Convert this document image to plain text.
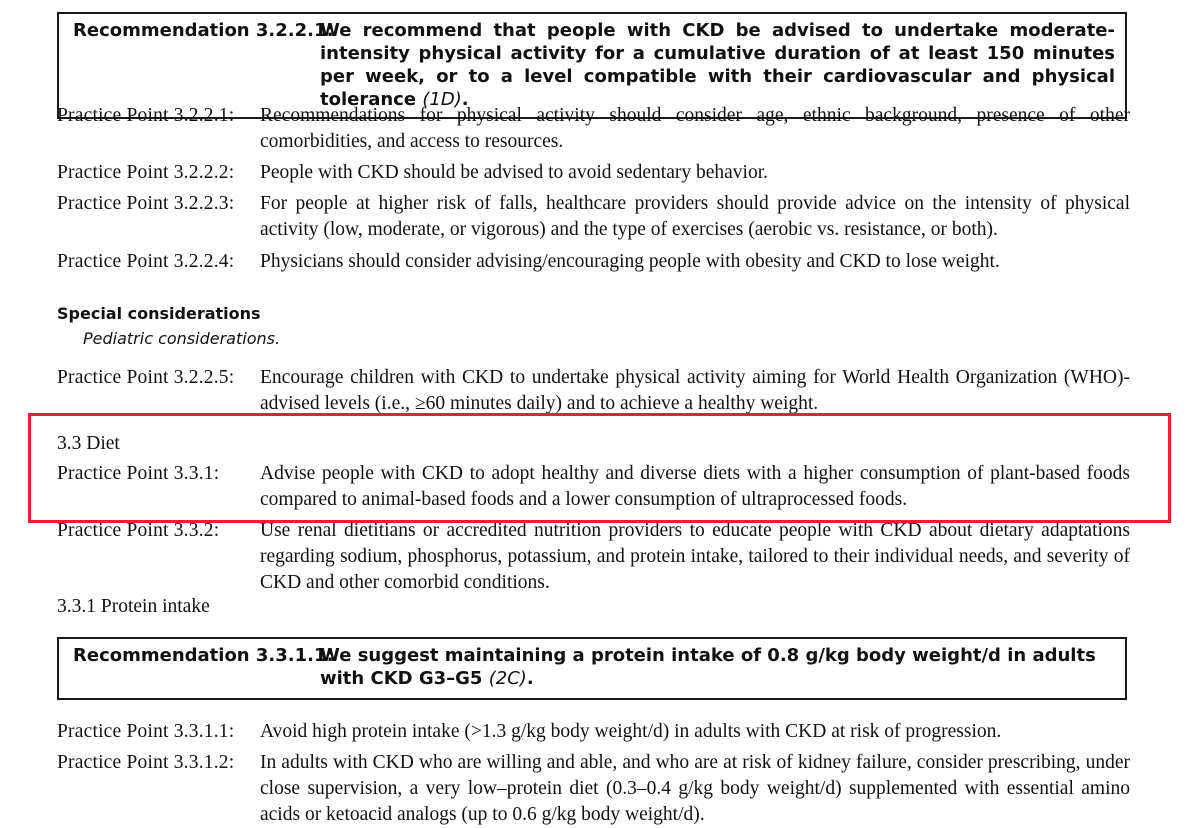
Recommendation 3.2.2.1:
We recommend that people with CKD be advised to undertake moderate-intensity physical activity for a cumulative duration of at least 150 minutes per week, or to a level compatible with their cardiovascular and physical tolerance (1D).
Practice Point 3.2.2.1: Recommendations for physical activity should consider age, ethnic background, presence of other comorbidities, and access to resources.
Practice Point 3.2.2.2: People with CKD should be advised to avoid sedentary behavior.
Practice Point 3.2.2.3: For people at higher risk of falls, healthcare providers should provide advice on the intensity of physical activity (low, moderate, or vigorous) and the type of exercises (aerobic vs. resistance, or both).
Practice Point 3.2.2.4: Physicians should consider advising/encouraging people with obesity and CKD to lose weight.
Special considerations
Pediatric considerations.
Practice Point 3.2.2.5: Encourage children with CKD to undertake physical activity aiming for World Health Organization (WHO)-advised levels (i.e., ≥60 minutes daily) and to achieve a healthy weight.
3.3 Diet
Practice Point 3.3.1: Advise people with CKD to adopt healthy and diverse diets with a higher consumption of plant-based foods compared to animal-based foods and a lower consumption of ultraprocessed foods.
Practice Point 3.3.2: Use renal dietitians or accredited nutrition providers to educate people with CKD about dietary adaptations regarding sodium, phosphorus, potassium, and protein intake, tailored to their individual needs, and severity of CKD and other comorbid conditions.
3.3.1 Protein intake
Recommendation 3.3.1.1:
We suggest maintaining a protein intake of 0.8 g/kg body weight/d in adults with CKD G3–G5 (2C).
Practice Point 3.3.1.1: Avoid high protein intake (>1.3 g/kg body weight/d) in adults with CKD at risk of progression.
Practice Point 3.3.1.2: In adults with CKD who are willing and able, and who are at risk of kidney failure, consider prescribing, under close supervision, a very low–protein diet (0.3–0.4 g/kg body weight/d) supplemented with essential amino acids or ketoacid analogs (up to 0.6 g/kg body weight/d).
